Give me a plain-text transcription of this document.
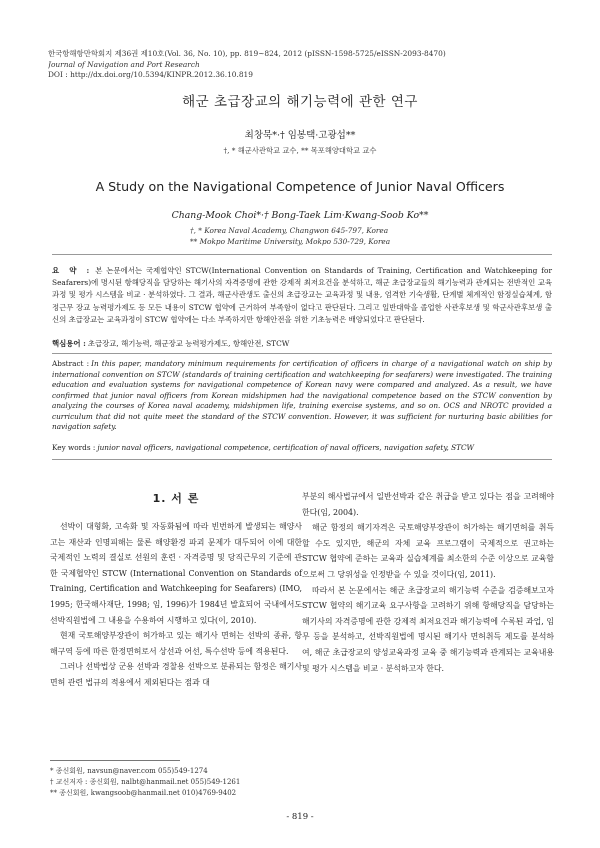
한국항해항만학회지 제36권 제10호(Vol. 36, No. 10), pp. 819~824, 2012 (pISSN-1598-5725/eISSN-2093-8470)
Journal of Navigation and Port Research
DOI : http://dx.doi.org/10.5394/KINPR.2012.36.10.819
해군 초급장교의 해기능력에 관한 연구
최창묵*·† 임봉택·고광섭**
†, * 해군사관학교 교수, ** 목포해양대학교 교수
A Study on the Navigational Competence of Junior Naval Officers
Chang-Mook Choi*·† Bong-Taek Lim·Kwang-Soob Ko**
†, * Korea Naval Academy, Changwon 645-797, Korea
** Mokpo Maritime University, Mokpo 530-729, Korea
요 약 : 본 논문에서는 국제협약인 STCW(International Convention on Standards of Training, Certification and Watchkeeping for Seafarers)에 명시된 항해당직을 담당하는 해기사의 자격증명에 관한 강제적 최저요건을 분석하고, 해군 초급장교들의 해기능력과 관계되는 전반적인 교육과정 및 평가 시스템을 비교 · 분석하였다. 그 결과, 해군사관생도 출신의 초급장교는 교육과정 및 내용, 엄격한 기숙생활, 단계별 체계적인 함정실습체계, 함정근무 장교 능력평가제도 등 모든 내용이 STCW 협약에 근거하여 부족함이 없다고 판단된다. 그리고 일반대학을 졸업한 사관후보생 및 학군사관후보생 출신의 초급장교는 교육과정이 STCW 협약에는 다소 부족하지만 항해안전을 위한 기초능력은 배양되었다고 판단된다.
핵심용어 : 초급장교, 해기능력, 해군장교 능력평가제도, 항해안전, STCW
Abstract : In this paper, mandatory minimum requirements for certification of officers in charge of a navigational watch on ship by international convention on STCW (standards of training certification and watchkeeping for seafarers) were investigated. The training education and evaluation systems for navigational competence of Korean navy were compared and analyzed. As a result, we have confirmed that junior naval officers from Korean midshipmen had the navigational competence based on the STCW convention by analyzing the courses of Korea naval academy, midshipmen life, training exercise systems, and so on. OCS and NROTC provided a curriculum that did not quite meet the standard of the STCW convention. However, it was sufficient for nurturing basic abilities for navigation safety.
Key words : junior naval officers, navigational competence, certification of naval officers, navigation safety, STCW
1. 서 론

선박이 대형화, 고속화 및 자동화됨에 따라 빈번하게 발생되는 해양사고는 재산과 인명피해는 물론 해양환경 파괴 문제가 대두되어 이에 대한 국제적인 노력의 결실로 선원의 훈련 · 자격증명 및 당직근무의 기준에 관한 국제협약인 STCW (International Convention on Standards of Training, Certification and Watchkeeping for Seafarers) (IMO, 1995; 한국해사재단, 1998; 임, 1996)가 1984년 발효되어 국내에서도 선박직원법에 그 내용을 수용하여 시행하고 있다(이, 2010).

현재 국토해양부장관이 허가하고 있는 해기사 면허는 선박의 종류, 항해구역 등에 따른 한정면허로서 상선과 어선, 특수선박 등에 적용된다.

그러나 선박법상 군용 선박과 경찰용 선박으로 분류되는 함정은 해기사면허 관련 법규의 적용에서 제외된다는 점과 대

부분의 해사법규에서 일반선박과 같은 취급을 받고 있다는 점을 고려해야 한다(임, 2004).

해군 함정의 해기자격은 국토해양부장관이 허가하는 해기면허를 취득할 수도 있지만, 해군의 자체 교육 프로그램이 국제적으로 권고하는 STCW 협약에 준하는 교육과 실습체계를 최소한의 수준 이상으로 교육함으로써 그 당위성을 인정받을 수 있을 것이다(임, 2011).

따라서 본 논문에서는 해군 초급장교의 해기능력 수준을 검증해보고자 STCW 협약의 해기교육 요구사항을 고려하기 위해 항해당직을 담당하는 해기사의 자격증명에 관한 강제적 최저요건과 해기능력에 수록된 과업, 임무 등을 분석하고, 선박직원법에 명시된 해기사 면허취득 제도를 분석하여, 해군 초급장교의 양성교육과정 교육 중 해기능력과 관계되는 교육내용 및 평가 시스템을 비교 · 분석하고자 한다.

* 종신회원, navsun@naver.com 055)549-1274
† 교신저자 : 종신회원, nalbt@hanmail.net 055)549-1261
** 종신회원, kwangsoob@hanmail.net 010)4769-9402
- 819 -
